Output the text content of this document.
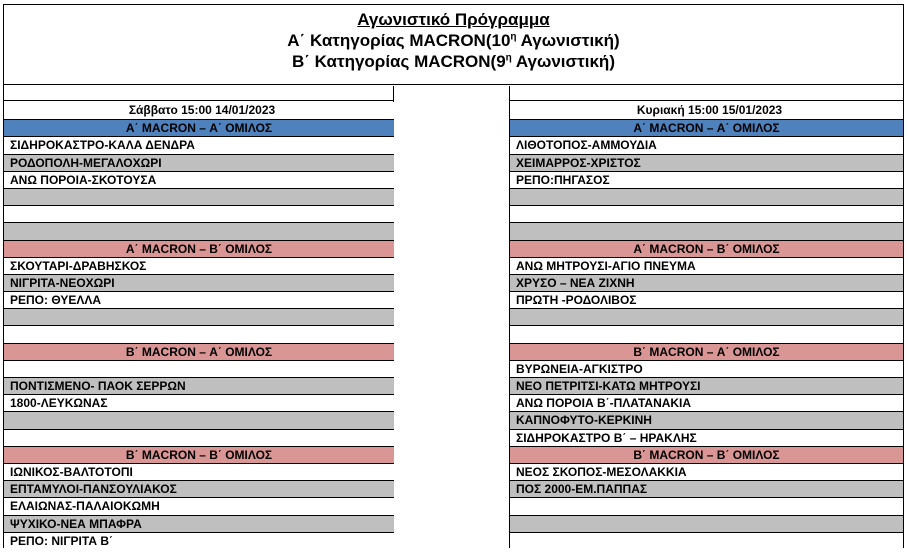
Αγωνιστικό Πρόγραμμα
Α΄ Κατηγορίας $MACRON(10^\eta$ Αγωνιστική)
Β΄ Κατηγορίας $MACRON(9^\eta$ Αγωνιστική)
Σάββατο 15:00 14/01/2023
Α΄ MACRON – Α΄ ΟΜΙΛΟΣ
ΣΙΔΗΡΟΚΑΣΤΡΟ-ΚΑΛΑ ΔΕΝΔΡΑ
ΡΟΔΟΠΟΛΗ-ΜΕΓΑΛΟΧΩΡΙ
ΑΝΩ ΠΟΡΟΙΑ-ΣΚΟΤΟΥΣΑ
Α΄ MACRON – Β΄ ΟΜΙΛΟΣ
ΣΚΟΥΤΑΡΙ-ΔΡΑΒΗΣΚΟΣ
ΝΙΓΡΙΤΑ-ΝΕΟΧΩΡΙ
ΡΕΠΟ: ΘΥΕΛΛΑ
Β΄ MACRON – Α΄ ΟΜΙΛΟΣ
ΠΟΝΤΙΣΜΕΝΟ- ΠΑΟΚ ΣΕΡΡΩΝ
1800-ΛΕΥΚΩΝΑΣ
Β΄ MACRON – Β΄ ΟΜΙΛΟΣ
ΙΩΝΙΚΟΣ-ΒΑΛΤΟΤΟΠΙ
ΕΠΤΑΜΥΛΟΙ-ΠΑΝΣΟΥΛΙΑΚΟΣ
ΕΛΑΙΩΝΑΣ-ΠΑΛΑΙΟΚΩΜΗ
ΨΥΧΙΚΟ-ΝΕΑ ΜΠΑΦΡΑ
ΡΕΠΟ: ΝΙΓΡΙΤΑ Β΄
Κυριακή 15:00 15/01/2023
Α΄ MACRON – Α΄ ΟΜΙΛΟΣ
ΛΙΘΟΤΟΠΟΣ-ΑΜΜΟΥΔΙΑ
ΧΕΙΜΑΡΡΟΣ-ΧΡΙΣΤΟΣ
ΡΕΠΟ:ΠΗΓΑΣΟΣ
Α΄ MACRON – Β΄ ΟΜΙΛΟΣ
ΑΝΩ ΜΗΤΡΟΥΣΙ-ΑΓΙΟ ΠΝΕΥΜΑ
ΧΡΥΣΟ – ΝΕΑ ΖΙΧΝΗ
ΠΡΩΤΗ -ΡΟΔΟΛΙΒΟΣ
Β΄ MACRON – Α΄ ΟΜΙΛΟΣ
ΒΥΡΩΝΕΙΑ-ΑΓΚΙΣΤΡΟ
ΝΕΟ ΠΕΤΡΙΤΣΙ-ΚΑΤΩ ΜΗΤΡΟΥΣΙ
ΑΝΩ ΠΟΡΟΙΑ Β΄-ΠΛΑΤΑΝΑΚΙΑ
ΚΑΠΝΟΦΥΤΟ-ΚΕΡΚΙΝΗ
ΣΙΔΗΡΟΚΑΣΤΡΟ Β΄ – ΗΡΑΚΛΗΣ
Β΄ MACRON – Β΄ ΟΜΙΛΟΣ
ΝΕΟΣ ΣΚΟΠΟΣ-ΜΕΣΟΛΑΚΚΙΑ
ΠΟΣ 2000-ΕΜ.ΠΑΠΠΑΣ
